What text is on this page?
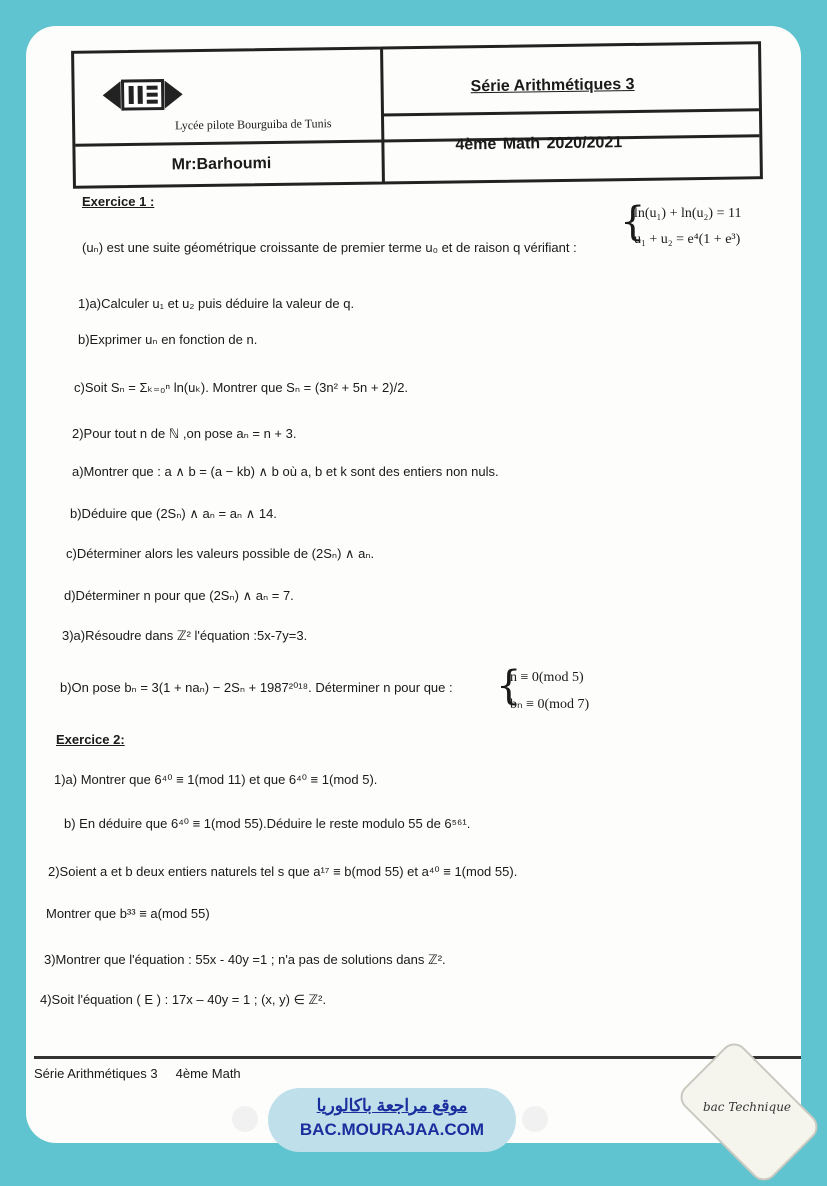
Lycée pilote Bourguiba de Tunis
Mr:Barhoumi
Série Arithmétiques 3
4ème Math 2020/2021
Exercice 1 :
(uₙ) est une suite géométrique croissante de premier terme u₀ et de raison q vérifiant :
{
ln(u₁) + ln(u₂) = 11
u₁ + u₂ = e⁴(1 + e³)
1)a)Calculer u₁ et u₂ puis déduire la valeur de q.
b)Exprimer uₙ en fonction de n.
c)Soit Sₙ = Σₖ₌₀ⁿ ln(uₖ). Montrer que Sₙ = (3n² + 5n + 2)/2.
2)Pour tout n de ℕ ,on pose aₙ = n + 3.
a)Montrer que : a ∧ b = (a − kb) ∧ b où a, b et k sont des entiers non nuls.
b)Déduire que (2Sₙ) ∧ aₙ = aₙ ∧ 14.
c)Déterminer alors les valeurs possible de (2Sₙ) ∧ aₙ.
d)Déterminer n pour que (2Sₙ) ∧ aₙ = 7.
3)a)Résoudre dans ℤ² l'équation :5x-7y=3.
b)On pose bₙ = 3(1 + naₙ) − 2Sₙ + 1987²⁰¹⁸. Déterminer n pour que : {
n ≡ 0(mod 5)
bₙ ≡ 0(mod 7)
Exercice 2:
1)a) Montrer que 6⁴⁰ ≡ 1(mod 11) et que 6⁴⁰ ≡ 1(mod 5).
b) En déduire que 6⁴⁰ ≡ 1(mod 55).Déduire le reste modulo 55 de 6⁵⁶¹.
2)Soient a et b deux entiers naturels tel s que a¹⁷ ≡ b(mod 55) et a⁴⁰ ≡ 1(mod 55).
Montrer que b³³ ≡ a(mod 55)
3)Montrer que l'équation : 55x - 40y =1 ; n'a pas de solutions dans ℤ².
4)Soit l'équation ( E ) : 17x – 40y = 1 ; (x, y) ∈ ℤ².
Série Arithmétiques 3     4ème Math
موقع مراجعة باكالوريا
BAC.MOURAJAA.COM
bac Technique
